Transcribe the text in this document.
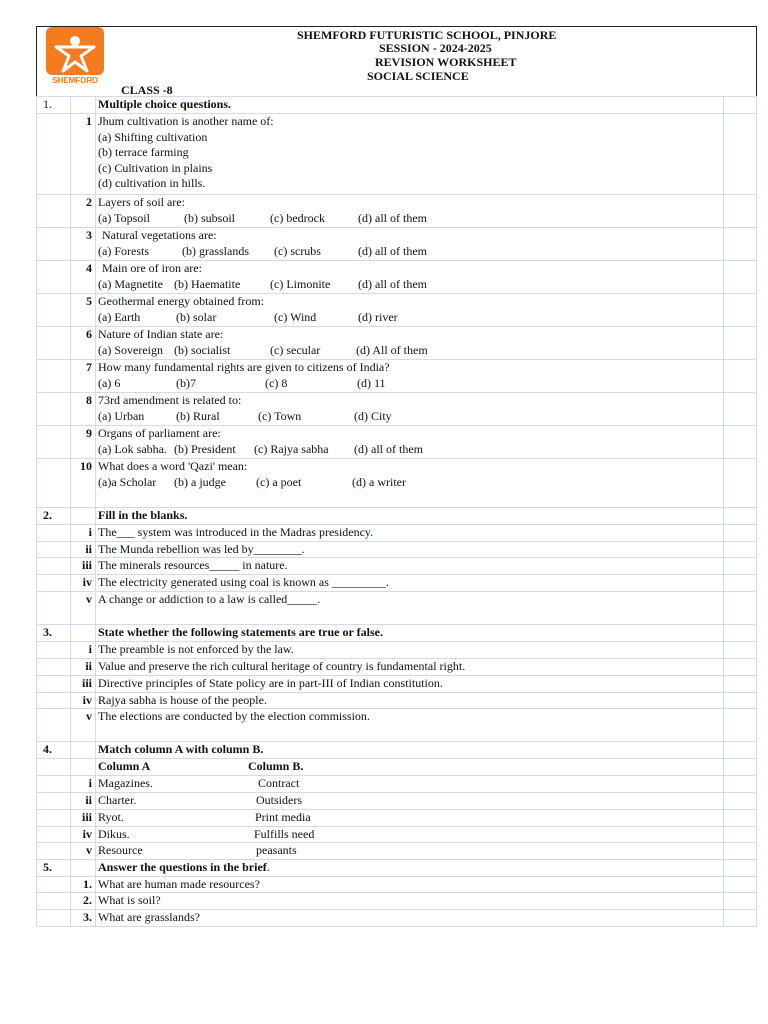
SHEMFORD
SHEMFORD FUTURISTIC SCHOOL, PINJORE
SESSION - 2024-2025
REVISION WORKSHEET
SOCIAL SCIENCE
CLASS -8
1.		Multiple choice questions.	
	1	Jhum cultivation is another name of:
(a) Shifting cultivation
(b) terrace farming
(c) Cultivation in plains
(d) cultivation in hills.	

	2	Layers of soil are:
(a) Topsoil (b) subsoil (c) bedrock (d) all of them	

	3	Natural vegetations are:
(a) Forests (b) grasslands (c) scrubs (d) all of them	

	4	Main ore of iron are:
(a) Magnetite (b) Haematite (c) Limonite (d) all of them	

	5	Geothermal energy obtained from:
(a) Earth (b) solar (c) Wind (d) river	

	6	Nature of Indian state are:
(a) Sovereign (b) socialist (c) secular (d) All of them	

	7	How many fundamental rights are given to citizens of India?
(a) 6 (b)7 (c) 8 (d) 11	

	8	73rd amendment is related to:
(a) Urban (b) Rural (c) Town (d) City	

	9	Organs of parliament are:
(a) Lok sabha. (b) President (c) Rajya sabha (d) all of them	

	10	What does a word 'Qazi' mean:
(a)a Scholar (b) a judge (c) a poet (d) a writer	

2.		Fill in the blanks.	
	i	The___ system was introduced in the Madras presidency.	
	ii	The Munda rebellion was led by________.	
	iii	The minerals resources_____ in nature.	
	iv	The electricity generated using coal is known as _________.	
	v	A change or addiction to a law is called_____.	
3.		State whether the following statements are true or false.	
	i	The preamble is not enforced by the law.	
	ii	Value and preserve the rich cultural heritage of country is fundamental right.	
	iii	Directive principles of State policy are in part-III of Indian constitution.	
	iv	Rajya sabha is house of the people.	
	v	The elections are conducted by the election commission.	
4.		Match column A with column B.	
		Column A Column B.	
	i	Magazines. Contract	
	ii	Charter. Outsiders	
	iii	Ryot. Print media	
	iv	Dikus. Fulfills need	
	v	Resource peasants	
5.		Answer the questions in the brief.	
	1.	What are human made resources?	
	2.	What is soil?	
	3.	What are grasslands?	
